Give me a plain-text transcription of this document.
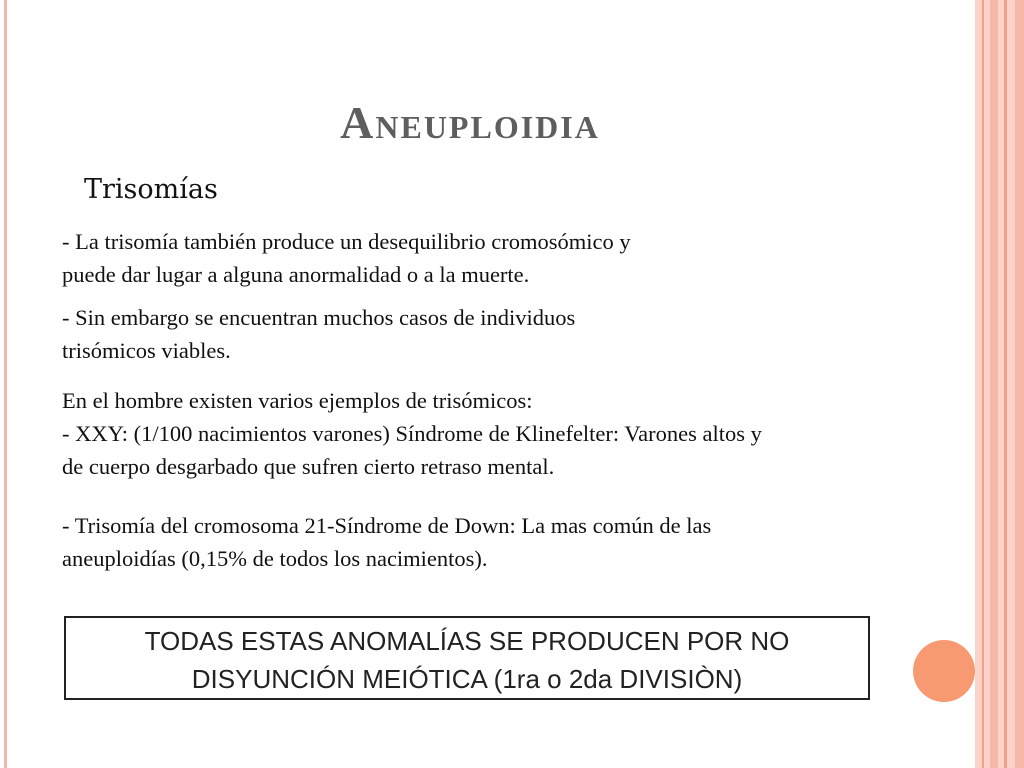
Aneuploidia
Trisomías
- La trisomía también produce un desequilibrio cromosómico y
puede dar lugar a alguna anormalidad o a la muerte.
- Sin embargo se encuentran muchos casos de individuos
trisómicos viables.
En el hombre existen varios ejemplos de trisómicos:
- XXY: (1/100 nacimientos varones) Síndrome de Klinefelter: Varones altos y
de cuerpo desgarbado que sufren cierto retraso mental.
- Trisomía del cromosoma 21-Síndrome de Down: La mas común de las
aneuploidías (0,15% de todos los nacimientos).
TODAS ESTAS ANOMALÍAS SE PRODUCEN POR NO
DISYUNCIÓN MEIÓTICA (1ra o 2da DIVISIÒN)
